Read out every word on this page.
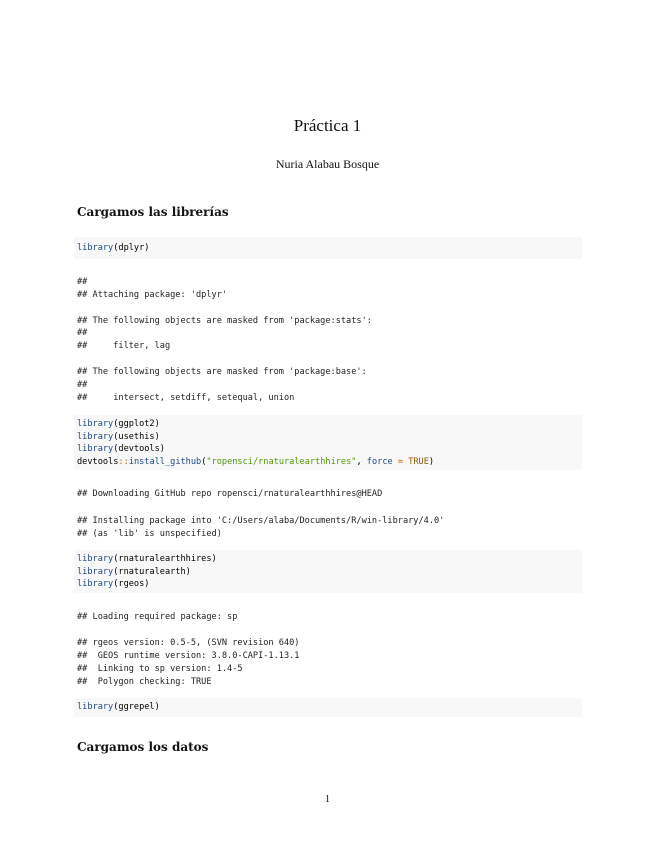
Práctica 1
Nuria Alabau Bosque
Cargamos las librerías
library(dplyr)
##
## Attaching package: 'dplyr'
## The following objects are masked from 'package:stats':
##
##     filter, lag
## The following objects are masked from 'package:base':
##
##     intersect, setdiff, setequal, union
library(ggplot2)
library(usethis)
library(devtools)
devtools::install_github("ropensci/rnaturalearthhires", force = TRUE)
## Downloading GitHub repo ropensci/rnaturalearthhires@HEAD
## Installing package into 'C:/Users/alaba/Documents/R/win-library/4.0'
## (as 'lib' is unspecified)
library(rnaturalearthhires)
library(rnaturalearth)
library(rgeos)
## Loading required package: sp
## rgeos version: 0.5-5, (SVN revision 640)
##  GEOS runtime version: 3.8.0-CAPI-1.13.1
##  Linking to sp version: 1.4-5
##  Polygon checking: TRUE
library(ggrepel)
Cargamos los datos
1
